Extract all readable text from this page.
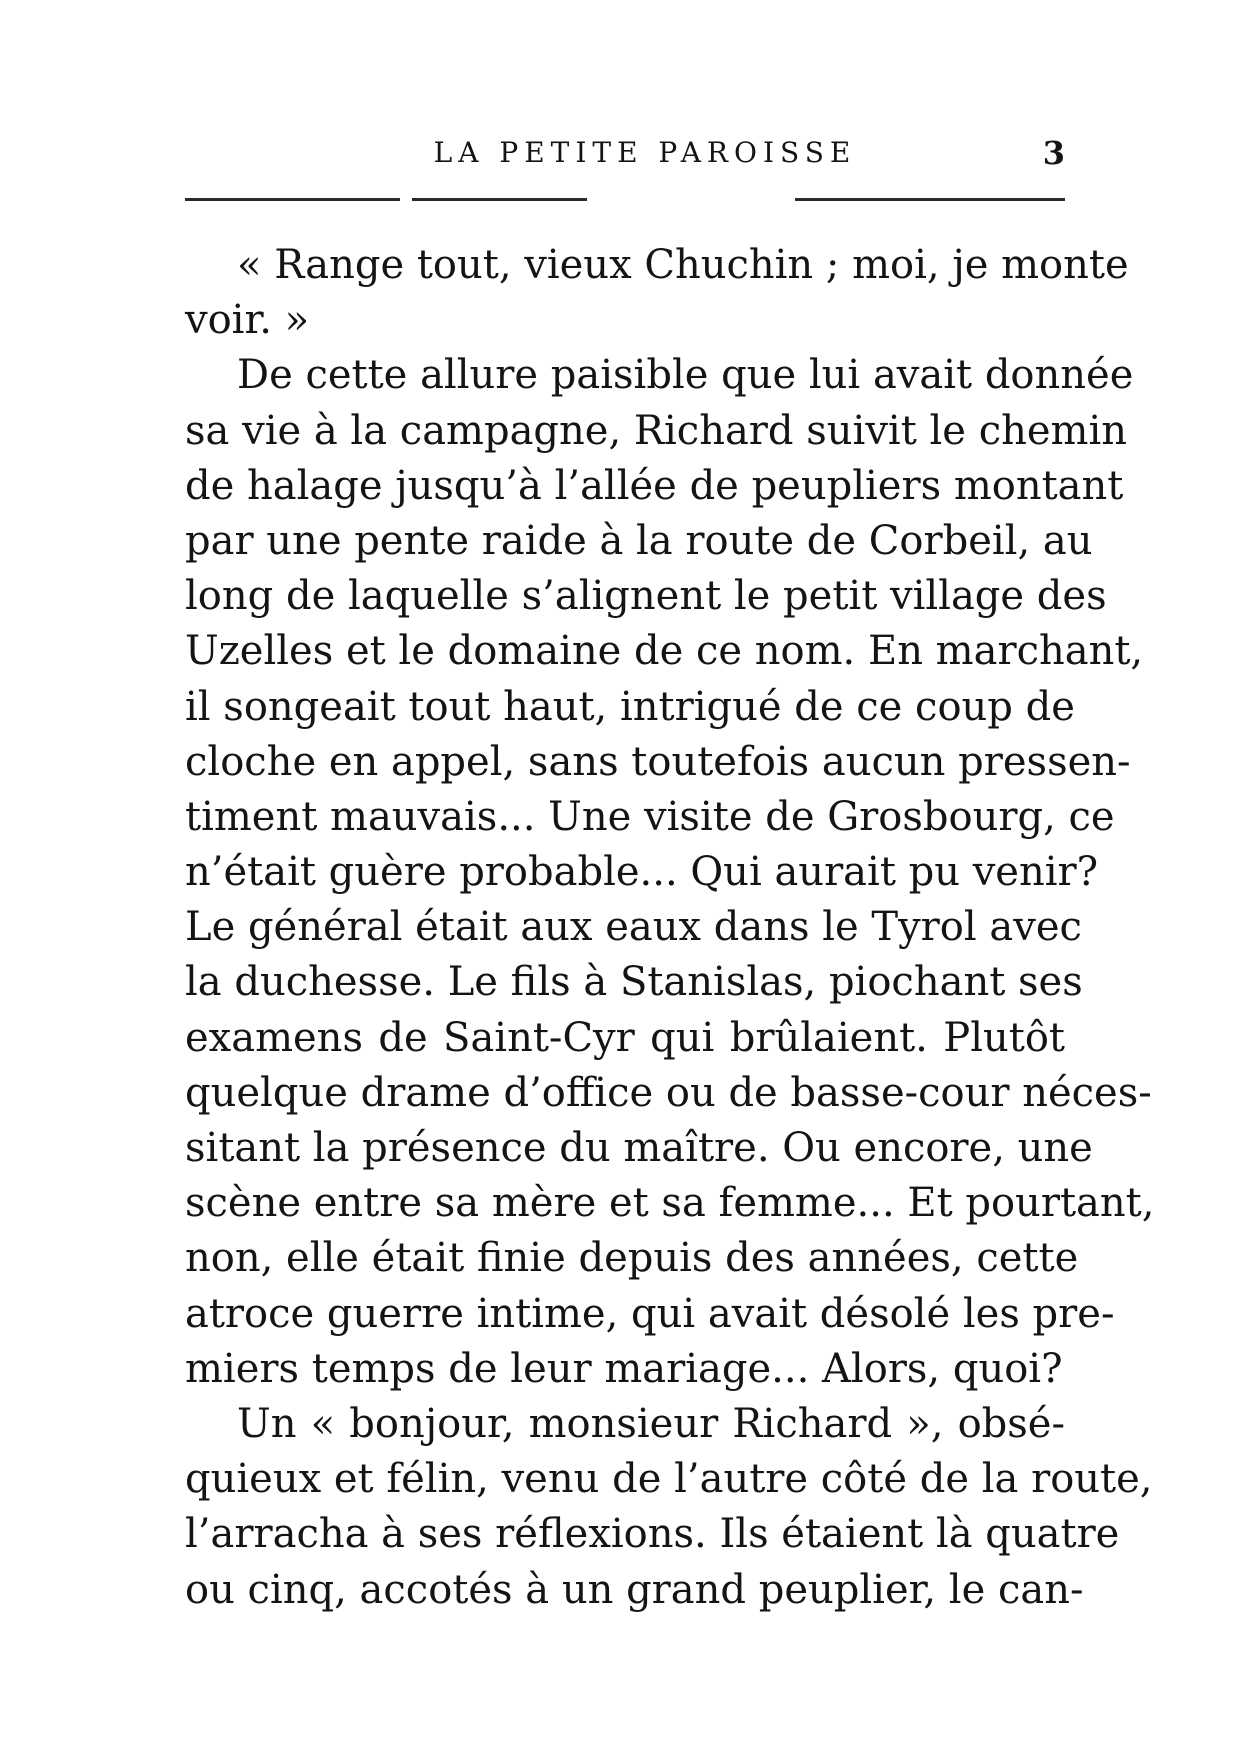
LA PETITE PAROISSE	3
« Range tout, vieux Chuchin ; moi, je monte
voir. »
De cette allure paisible que lui avait donnée
sa vie à la campagne, Richard suivit le chemin
de halage jusqu’à l’allée de peupliers montant
par une pente raide à la route de Corbeil, au
long de laquelle s’alignent le petit village des
Uzelles et le domaine de ce nom. En marchant,
il songeait tout haut, intrigué de ce coup de
cloche en appel, sans toutefois aucun pressen-
timent mauvais... Une visite de Grosbourg, ce
n’était guère probable... Qui aurait pu venir?
Le général était aux eaux dans le Tyrol avec
la duchesse. Le fils à Stanislas, piochant ses
examens de Saint-Cyr qui brûlaient. Plutôt
quelque drame d’office ou de basse-cour néces-
sitant la présence du maître. Ou encore, une
scène entre sa mère et sa femme... Et pourtant,
non, elle était finie depuis des années, cette
atroce guerre intime, qui avait désolé les pre-
miers temps de leur mariage... Alors, quoi?
Un « bonjour, monsieur Richard », obsé-
quieux et félin, venu de l’autre côté de la route,
l’arracha à ses réflexions. Ils étaient là quatre
ou cinq, accotés à un grand peuplier, le can-
